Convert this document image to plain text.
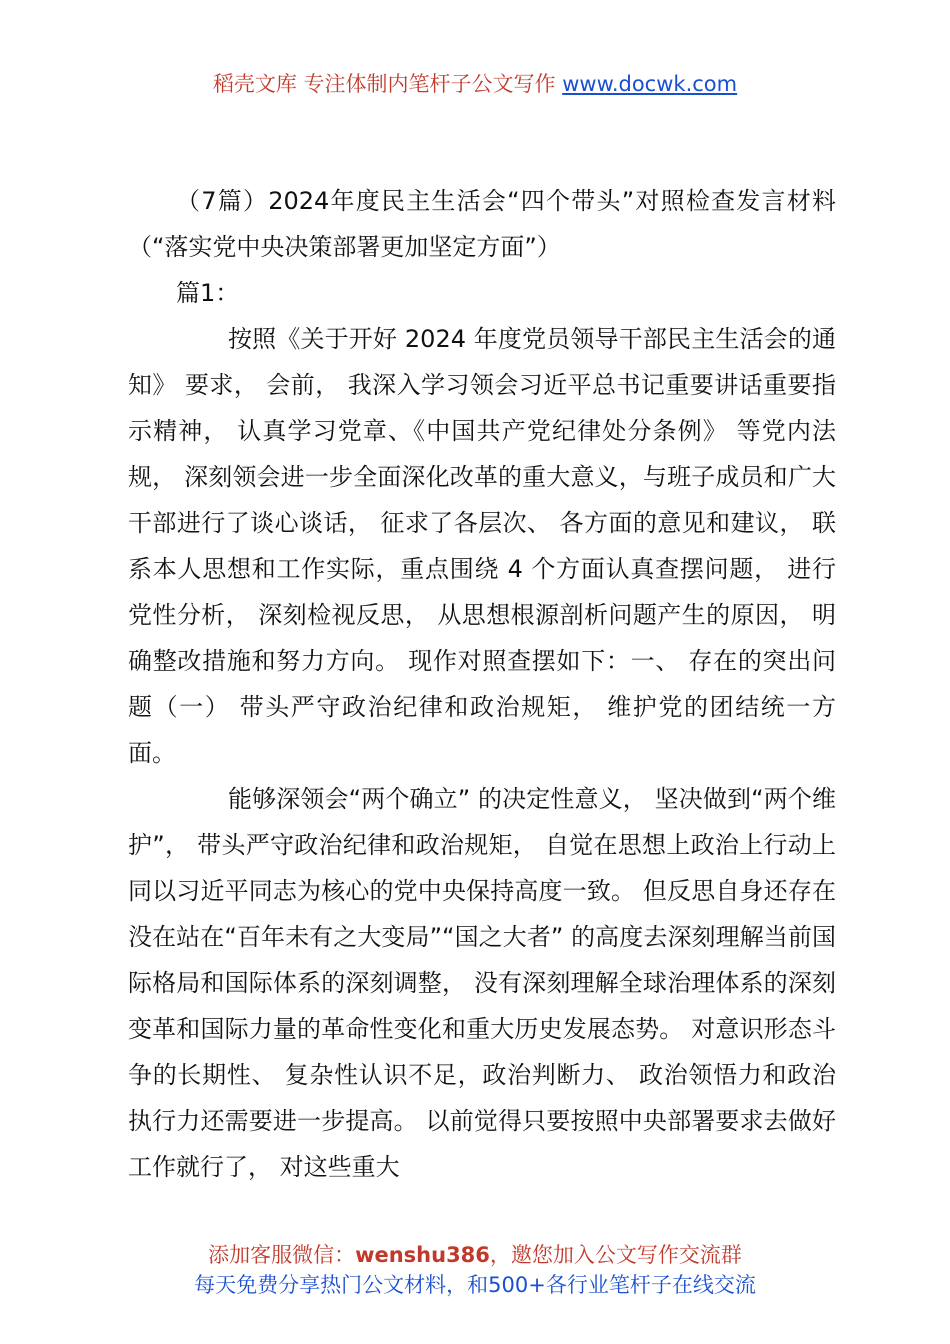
稻壳文库 专注体制内笔杆子公文写作 www.docwk.com

（7篇）2024年度民主生活会“四个带头”对照检查发言材料（“落实党中央决策部署更加坚定方面”）

篇1：

按照《关于开好 2024 年度党员领导干部民主生活会的通知》 要求， 会前， 我深入学习领会习近平总书记重要讲话重要指示精神， 认真学习党章、《中国共产党纪律处分条例》 等党内法规， 深刻领会进一步全面深化改革的重大意义，与班子成员和广大干部进行了谈心谈话， 征求了各层次、 各方面的意见和建议， 联系本人思想和工作实际，重点围绕 4 个方面认真查摆问题， 进行党性分析， 深刻检视反思， 从思想根源剖析问题产生的原因， 明确整改措施和努力方向。 现作对照查摆如下：一、 存在的突出问题（一） 带头严守政治纪律和政治规矩， 维护党的团结统一方面。

能够深领会“两个确立” 的决定性意义， 坚决做到“两个维护”， 带头严守政治纪律和政治规矩， 自觉在思想上政治上行动上同以习近平同志为核心的党中央保持高度一致。 但反思自身还存在没在站在“百年未有之大变局”“国之大者” 的高度去深刻理解当前国际格局和国际体系的深刻调整， 没有深刻理解全球治理体系的深刻变革和国际力量的革命性变化和重大历史发展态势。 对意识形态斗争的长期性、 复杂性认识不足，政治判断力、 政治领悟力和政治执行力还需要进一步提高。 以前觉得只要按照中央部署要求去做好工作就行了， 对这些重大

添加客服微信：wenshu386，邀您加入公文写作交流群
每天免费分享热门公文材料，和500+各行业笔杆子在线交流
